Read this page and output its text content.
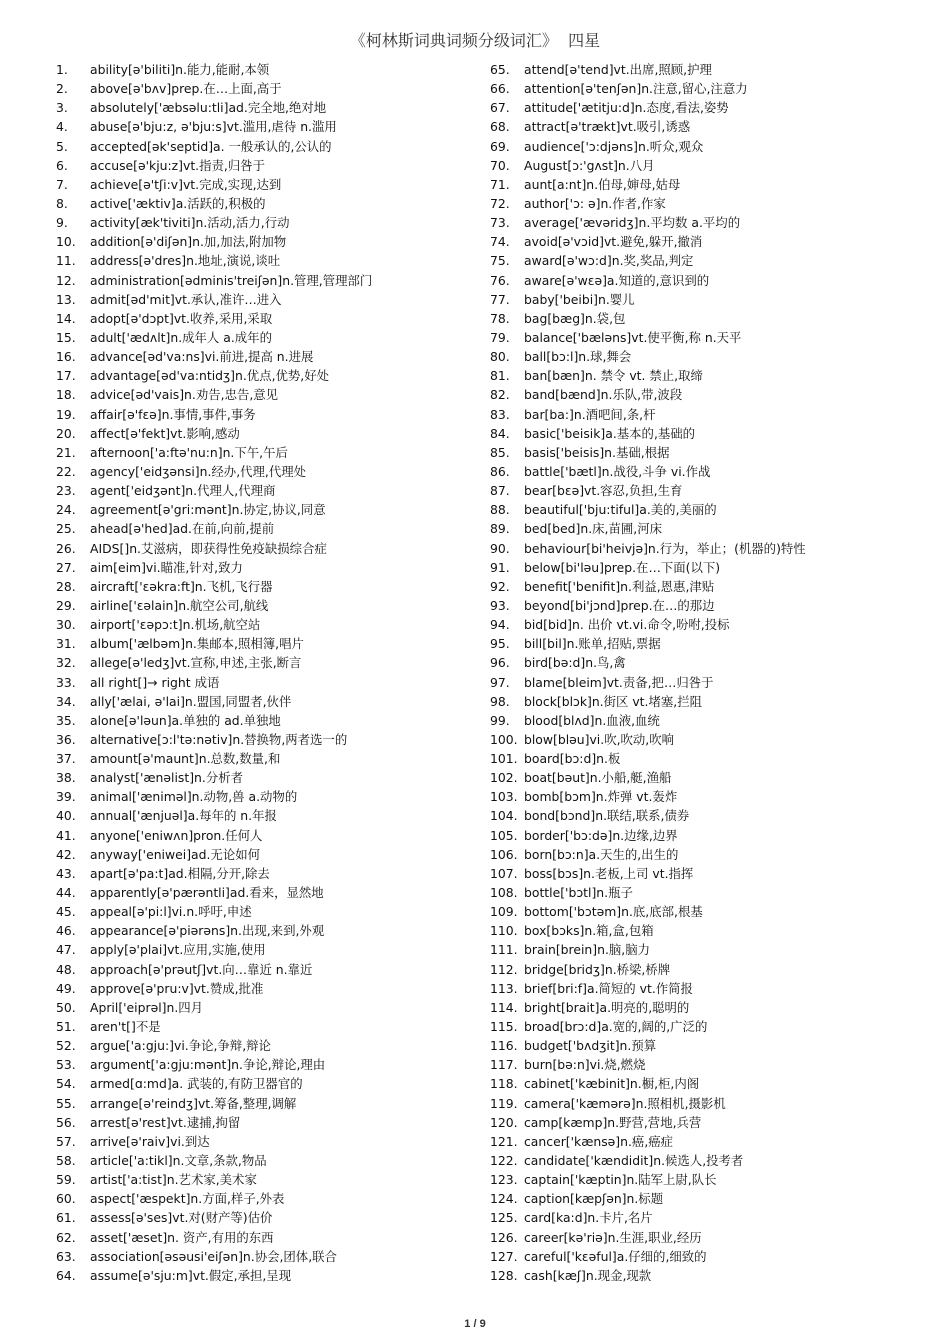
《柯林斯词典词频分级词汇》  四星
1. ability[ə'biliti]n.能力,能耐,本领
2. above[ə'bʌv]prep.在…上面,高于
3. absolutely['æbsəlu:tli]ad.完全地,绝对地
4. abuse[ə'bju:z, ə'bju:s]vt.滥用,虐待 n.滥用
5. accepted[ək'septid]a. 一般承认的,公认的
6. accuse[ə'kju:z]vt.指责,归咎于
7. achieve[ə'tʃi:v]vt.完成,实现,达到
8. active['æktiv]a.活跃的,积极的
9. activity[æk'tiviti]n.活动,活力,行动
10. addition[ə'diʃən]n.加,加法,附加物
11. address[ə'dres]n.地址,演说,谈吐
12. administration[ədminis'treiʃən]n.管理,管理部门
13. admit[əd'mit]vt.承认,准许…进入
14. adopt[ə'dɔpt]vt.收养,采用,采取
15. adult['ædʌlt]n.成年人 a.成年的
16. advance[əd'va:ns]vi.前进,提高 n.进展
17. advantage[əd'va:ntidʒ]n.优点,优势,好处
18. advice[əd'vais]n.劝告,忠告,意见
19. affair[ə'fɛə]n.事情,事件,事务
20. affect[ə'fekt]vt.影响,感动
21. afternoon['a:ftə'nu:n]n.下午,午后
22. agency['eidʒənsi]n.经办,代理,代理处
23. agent['eidʒənt]n.代理人,代理商
24. agreement[ə'gri:mənt]n.协定,协议,同意
25. ahead[ə'hed]ad.在前,向前,提前
26. AIDS[]n.艾滋病，即获得性免疫缺损综合症
27. aim[eim]vi.瞄准,针对,致力
28. aircraft['ɛəkra:ft]n.飞机,飞行器
29. airline['ɛəlain]n.航空公司,航线
30. airport['ɛəpɔ:t]n.机场,航空站
31. album['ælbəm]n.集邮本,照相簿,唱片
32. allege[ə'ledʒ]vt.宣称,申述,主张,断言
33. all right[]→ right 成语
34. ally['ælai, ə'lai]n.盟国,同盟者,伙伴
35. alone[ə'ləun]a.单独的 ad.单独地
36. alternative[ɔ:l'tə:nətiv]n.替换物,两者选一的
37. amount[ə'maunt]n.总数,数量,和
38. analyst['ænəlist]n.分析者
39. animal['æniməl]n.动物,兽 a.动物的
40. annual['ænjuəl]a.每年的 n.年报
41. anyone['eniwʌn]pron.任何人
42. anyway['eniwei]ad.无论如何
43. apart[ə'pa:t]ad.相隔,分开,除去
44. apparently[ə'pærəntli]ad.看来，显然地
45. appeal[ə'pi:l]vi.n.呼吁,申述
46. appearance[ə'piərəns]n.出现,来到,外观
47. apply[ə'plai]vt.应用,实施,使用
48. approach[ə'prəutʃ]vt.向…靠近 n.靠近
49. approve[ə'pru:v]vt.赞成,批准
50. April['eiprəl]n.四月
51. aren't[]不是
52. argue['a:gju:]vi.争论,争辩,辩论
53. argument['a:gju:mənt]n.争论,辩论,理由
54. armed[ɑ:md]a. 武装的,有防卫器官的
55. arrange[ə'reindʒ]vt.筹备,整理,调解
56. arrest[ə'rest]vt.逮捕,拘留
57. arrive[ə'raiv]vi.到达
58. article['a:tikl]n.文章,条款,物品
59. artist['a:tist]n.艺术家,美术家
60. aspect['æspekt]n.方面,样子,外表
61. assess[ə'ses]vt.对(财产等)估价
62. asset['æset]n. 资产,有用的东西
63. association[əsəusi'eiʃən]n.协会,团体,联合
64. assume[ə'sju:m]vt.假定,承担,呈现
65. attend[ə'tend]vt.出席,照顾,护理
66. attention[ə'tenʃən]n.注意,留心,注意力
67. attitude['ætitju:d]n.态度,看法,姿势
68. attract[ə'trækt]vt.吸引,诱惑
69. audience['ɔ:djəns]n.听众,观众
70. August[ɔ:'gʌst]n.八月
71. aunt[a:nt]n.伯母,婶母,姑母
72. author['ɔ: ə]n.作者,作家
73. average['ævəridʒ]n.平均数 a.平均的
74. avoid[ə'vɔid]vt.避免,躲开,撤消
75. award[ə'wɔ:d]n.奖,奖品,判定
76. aware[ə'wɛə]a.知道的,意识到的
77. baby['beibi]n.婴儿
78. bag[bæg]n.袋,包
79. balance['bæləns]vt.使平衡,称 n.天平
80. ball[bɔ:l]n.球,舞会
81. ban[bæn]n. 禁令 vt. 禁止,取缔
82. band[bænd]n.乐队,带,波段
83. bar[ba:]n.酒吧间,条,杆
84. basic['beisik]a.基本的,基础的
85. basis['beisis]n.基础,根据
86. battle['bætl]n.战役,斗争 vi.作战
87. bear[bɛə]vt.容忍,负担,生育
88. beautiful['bju:tiful]a.美的,美丽的
89. bed[bed]n.床,苗圃,河床
90. behaviour[bi'heivjə]n.行为，举止；(机器的)特性
91. below[bi'ləu]prep.在…下面(以下)
92. benefit['benifit]n.利益,恩惠,津贴
93. beyond[bi'jɔnd]prep.在…的那边
94. bid[bid]n. 出价 vt.vi.命令,吩咐,投标
95. bill[bil]n.账单,招贴,票据
96. bird[bə:d]n.鸟,禽
97. blame[bleim]vt.责备,把…归咎于
98. block[blɔk]n.街区 vt.堵塞,拦阻
99. blood[blʌd]n.血液,血统
100. blow[bləu]vi.吹,吹动,吹响
101. board[bɔ:d]n.板
102. boat[bəut]n.小船,艇,渔船
103. bomb[bɔm]n.炸弹 vt.轰炸
104. bond[bɔnd]n.联结,联系,债券
105. border['bɔ:də]n.边缘,边界
106. born[bɔ:n]a.天生的,出生的
107. boss[bɔs]n.老板,上司 vt.指挥
108. bottle['bɔtl]n.瓶子
109. bottom['bɔtəm]n.底,底部,根基
110. box[bɔks]n.箱,盒,包箱
111. brain[brein]n.脑,脑力
112. bridge[bridʒ]n.桥梁,桥牌
113. brief[bri:f]a.简短的 vt.作简报
114. bright[brait]a.明亮的,聪明的
115. broad[brɔ:d]a.宽的,阔的,广泛的
116. budget['bʌdʒit]n.预算
117. burn[bə:n]vi.烧,燃烧
118. cabinet['kæbinit]n.橱,柜,内阁
119. camera['kæmərə]n.照相机,摄影机
120. camp[kæmp]n.野营,营地,兵营
121. cancer['kænsə]n.癌,癌症
122. candidate['kændidit]n.候选人,投考者
123. captain['kæptin]n.陆军上尉,队长
124. caption[kæpʃən]n.标题
125. card[ka:d]n.卡片,名片
126. career[kə'riə]n.生涯,职业,经历
127. careful['kɛəful]a.仔细的,细致的
128. cash[kæʃ]n.现金,现款
1 / 9
